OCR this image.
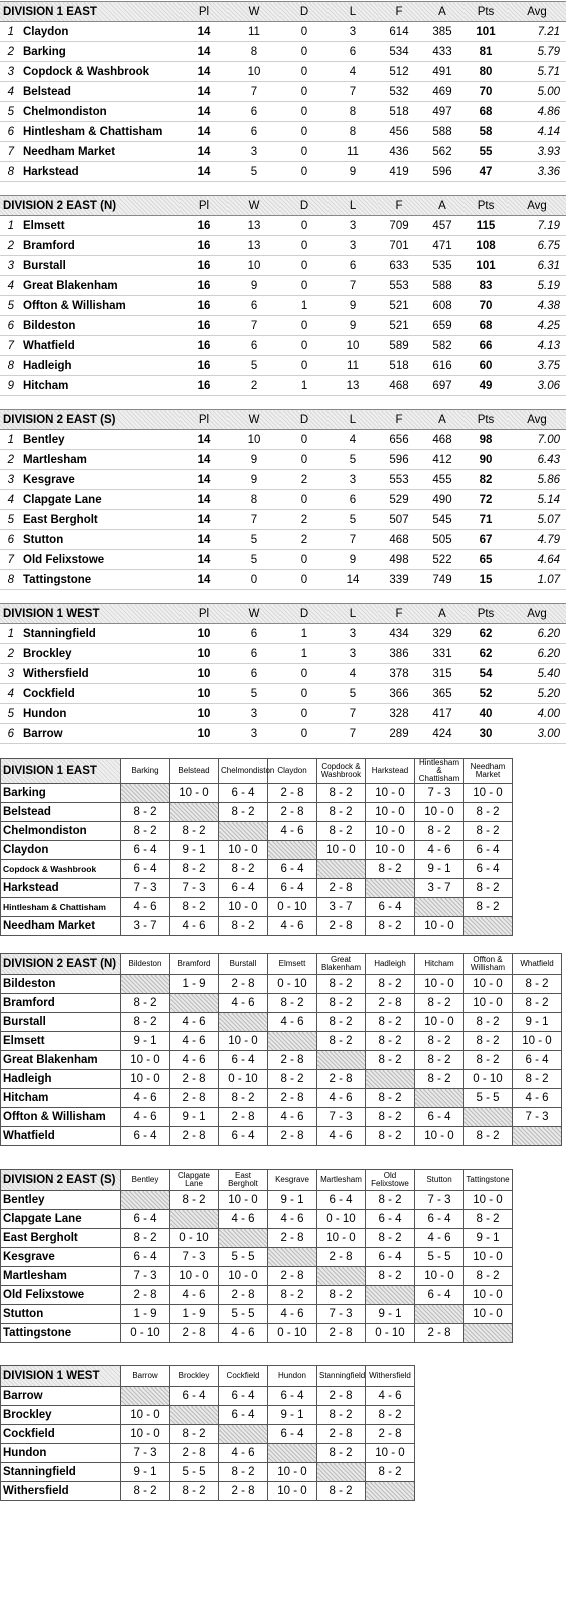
DIVISION 1 EAST		Pl	W	D	L	F	A	Pts	Avg
1	Claydon	14	11	0	3	614	385	101	7.21
2	Barking	14	8	0	6	534	433	81	5.79
3	Copdock & Washbrook	14	10	0	4	512	491	80	5.71
4	Belstead	14	7	0	7	532	469	70	5.00
5	Chelmondiston	14	6	0	8	518	497	68	4.86
6	Hintlesham & Chattisham	14	6	0	8	456	588	58	4.14
7	Needham Market	14	3	0	11	436	562	55	3.93
8	Harkstead	14	5	0	9	419	596	47	3.36
DIVISION 2 EAST (N)		Pl	W	D	L	F	A	Pts	Avg
1	Elmsett	16	13	0	3	709	457	115	7.19
2	Bramford	16	13	0	3	701	471	108	6.75
3	Burstall	16	10	0	6	633	535	101	6.31
4	Great Blakenham	16	9	0	7	553	588	83	5.19
5	Offton & Willisham	16	6	1	9	521	608	70	4.38
6	Bildeston	16	7	0	9	521	659	68	4.25
7	Whatfield	16	6	0	10	589	582	66	4.13
8	Hadleigh	16	5	0	11	518	616	60	3.75
9	Hitcham	16	2	1	13	468	697	49	3.06
DIVISION 2 EAST (S)		Pl	W	D	L	F	A	Pts	Avg
1	Bentley	14	10	0	4	656	468	98	7.00
2	Martlesham	14	9	0	5	596	412	90	6.43
3	Kesgrave	14	9	2	3	553	455	82	5.86
4	Clapgate Lane	14	8	0	6	529	490	72	5.14
5	East Bergholt	14	7	2	5	507	545	71	5.07
6	Stutton	14	5	2	7	468	505	67	4.79
7	Old Felixstowe	14	5	0	9	498	522	65	4.64
8	Tattingstone	14	0	0	14	339	749	15	1.07
DIVISION 1 WEST		Pl	W	D	L	F	A	Pts	Avg
1	Stanningfield	10	6	1	3	434	329	62	6.20
2	Brockley	10	6	1	3	386	331	62	6.20
3	Withersfield	10	6	0	4	378	315	54	5.40
4	Cockfield	10	5	0	5	366	365	52	5.20
5	Hundon	10	3	0	7	328	417	40	4.00
6	Barrow	10	3	0	7	289	424	30	3.00
DIVISION 1 EAST	Barking	Belstead	Chelmondiston	Claydon	Copdock & Washbrook	Harkstead	Hintlesham & Chattisham	Needham Market
Barking		10 - 0	6 - 4	2 - 8	8 - 2	10 - 0	7 - 3	10 - 0
Belstead	8 - 2		8 - 2	2 - 8	8 - 2	10 - 0	10 - 0	8 - 2
Chelmondiston	8 - 2	8 - 2		4 - 6	8 - 2	10 - 0	8 - 2	8 - 2
Claydon	6 - 4	9 - 1	10 - 0		10 - 0	10 - 0	4 - 6	6 - 4
Copdock & Washbrook	6 - 4	8 - 2	8 - 2	6 - 4		8 - 2	9 - 1	6 - 4
Harkstead	7 - 3	7 - 3	6 - 4	6 - 4	2 - 8		3 - 7	8 - 2
Hintlesham & Chattisham	4 - 6	8 - 2	10 - 0	0 - 10	3 - 7	6 - 4		8 - 2
Needham Market	3 - 7	4 - 6	8 - 2	4 - 6	2 - 8	8 - 2	10 - 0	
DIVISION 2 EAST (N)	Bildeston	Bramford	Burstall	Elmsett	Great Blakenham	Hadleigh	Hitcham	Offton & Willisham	Whatfield
Bildeston		1 - 9	2 - 8	0 - 10	8 - 2	8 - 2	10 - 0	10 - 0	8 - 2
Bramford	8 - 2		4 - 6	8 - 2	8 - 2	2 - 8	8 - 2	10 - 0	8 - 2
Burstall	8 - 2	4 - 6		4 - 6	8 - 2	8 - 2	10 - 0	8 - 2	9 - 1
Elmsett	9 - 1	4 - 6	10 - 0		8 - 2	8 - 2	8 - 2	8 - 2	10 - 0
Great Blakenham	10 - 0	4 - 6	6 - 4	2 - 8		8 - 2	8 - 2	8 - 2	6 - 4
Hadleigh	10 - 0	2 - 8	0 - 10	8 - 2	2 - 8		8 - 2	0 - 10	8 - 2
Hitcham	4 - 6	2 - 8	8 - 2	2 - 8	4 - 6	8 - 2		5 - 5	4 - 6
Offton & Willisham	4 - 6	9 - 1	2 - 8	4 - 6	7 - 3	8 - 2	6 - 4		7 - 3
Whatfield	6 - 4	2 - 8	6 - 4	2 - 8	4 - 6	8 - 2	10 - 0	8 - 2	
DIVISION 2 EAST (S)	Bentley	Clapgate Lane	East Bergholt	Kesgrave	Martlesham	Old Felixstowe	Stutton	Tattingstone
Bentley		8 - 2	10 - 0	9 - 1	6 - 4	8 - 2	7 - 3	10 - 0
Clapgate Lane	6 - 4		4 - 6	4 - 6	0 - 10	6 - 4	6 - 4	8 - 2
East Bergholt	8 - 2	0 - 10		2 - 8	10 - 0	8 - 2	4 - 6	9 - 1
Kesgrave	6 - 4	7 - 3	5 - 5		2 - 8	6 - 4	5 - 5	10 - 0
Martlesham	7 - 3	10 - 0	10 - 0	2 - 8		8 - 2	10 - 0	8 - 2
Old Felixstowe	2 - 8	4 - 6	2 - 8	8 - 2	8 - 2		6 - 4	10 - 0
Stutton	1 - 9	1 - 9	5 - 5	4 - 6	7 - 3	9 - 1		10 - 0
Tattingstone	0 - 10	2 - 8	4 - 6	0 - 10	2 - 8	0 - 10	2 - 8	
DIVISION 1 WEST	Barrow	Brockley	Cockfield	Hundon	Stanningfield	Withersfield
Barrow		6 - 4	6 - 4	6 - 4	2 - 8	4 - 6
Brockley	10 - 0		6 - 4	9 - 1	8 - 2	8 - 2
Cockfield	10 - 0	8 - 2		6 - 4	2 - 8	2 - 8
Hundon	7 - 3	2 - 8	4 - 6		8 - 2	10 - 0
Stanningfield	9 - 1	5 - 5	8 - 2	10 - 0		8 - 2
Withersfield	8 - 2	8 - 2	2 - 8	10 - 0	8 - 2	
